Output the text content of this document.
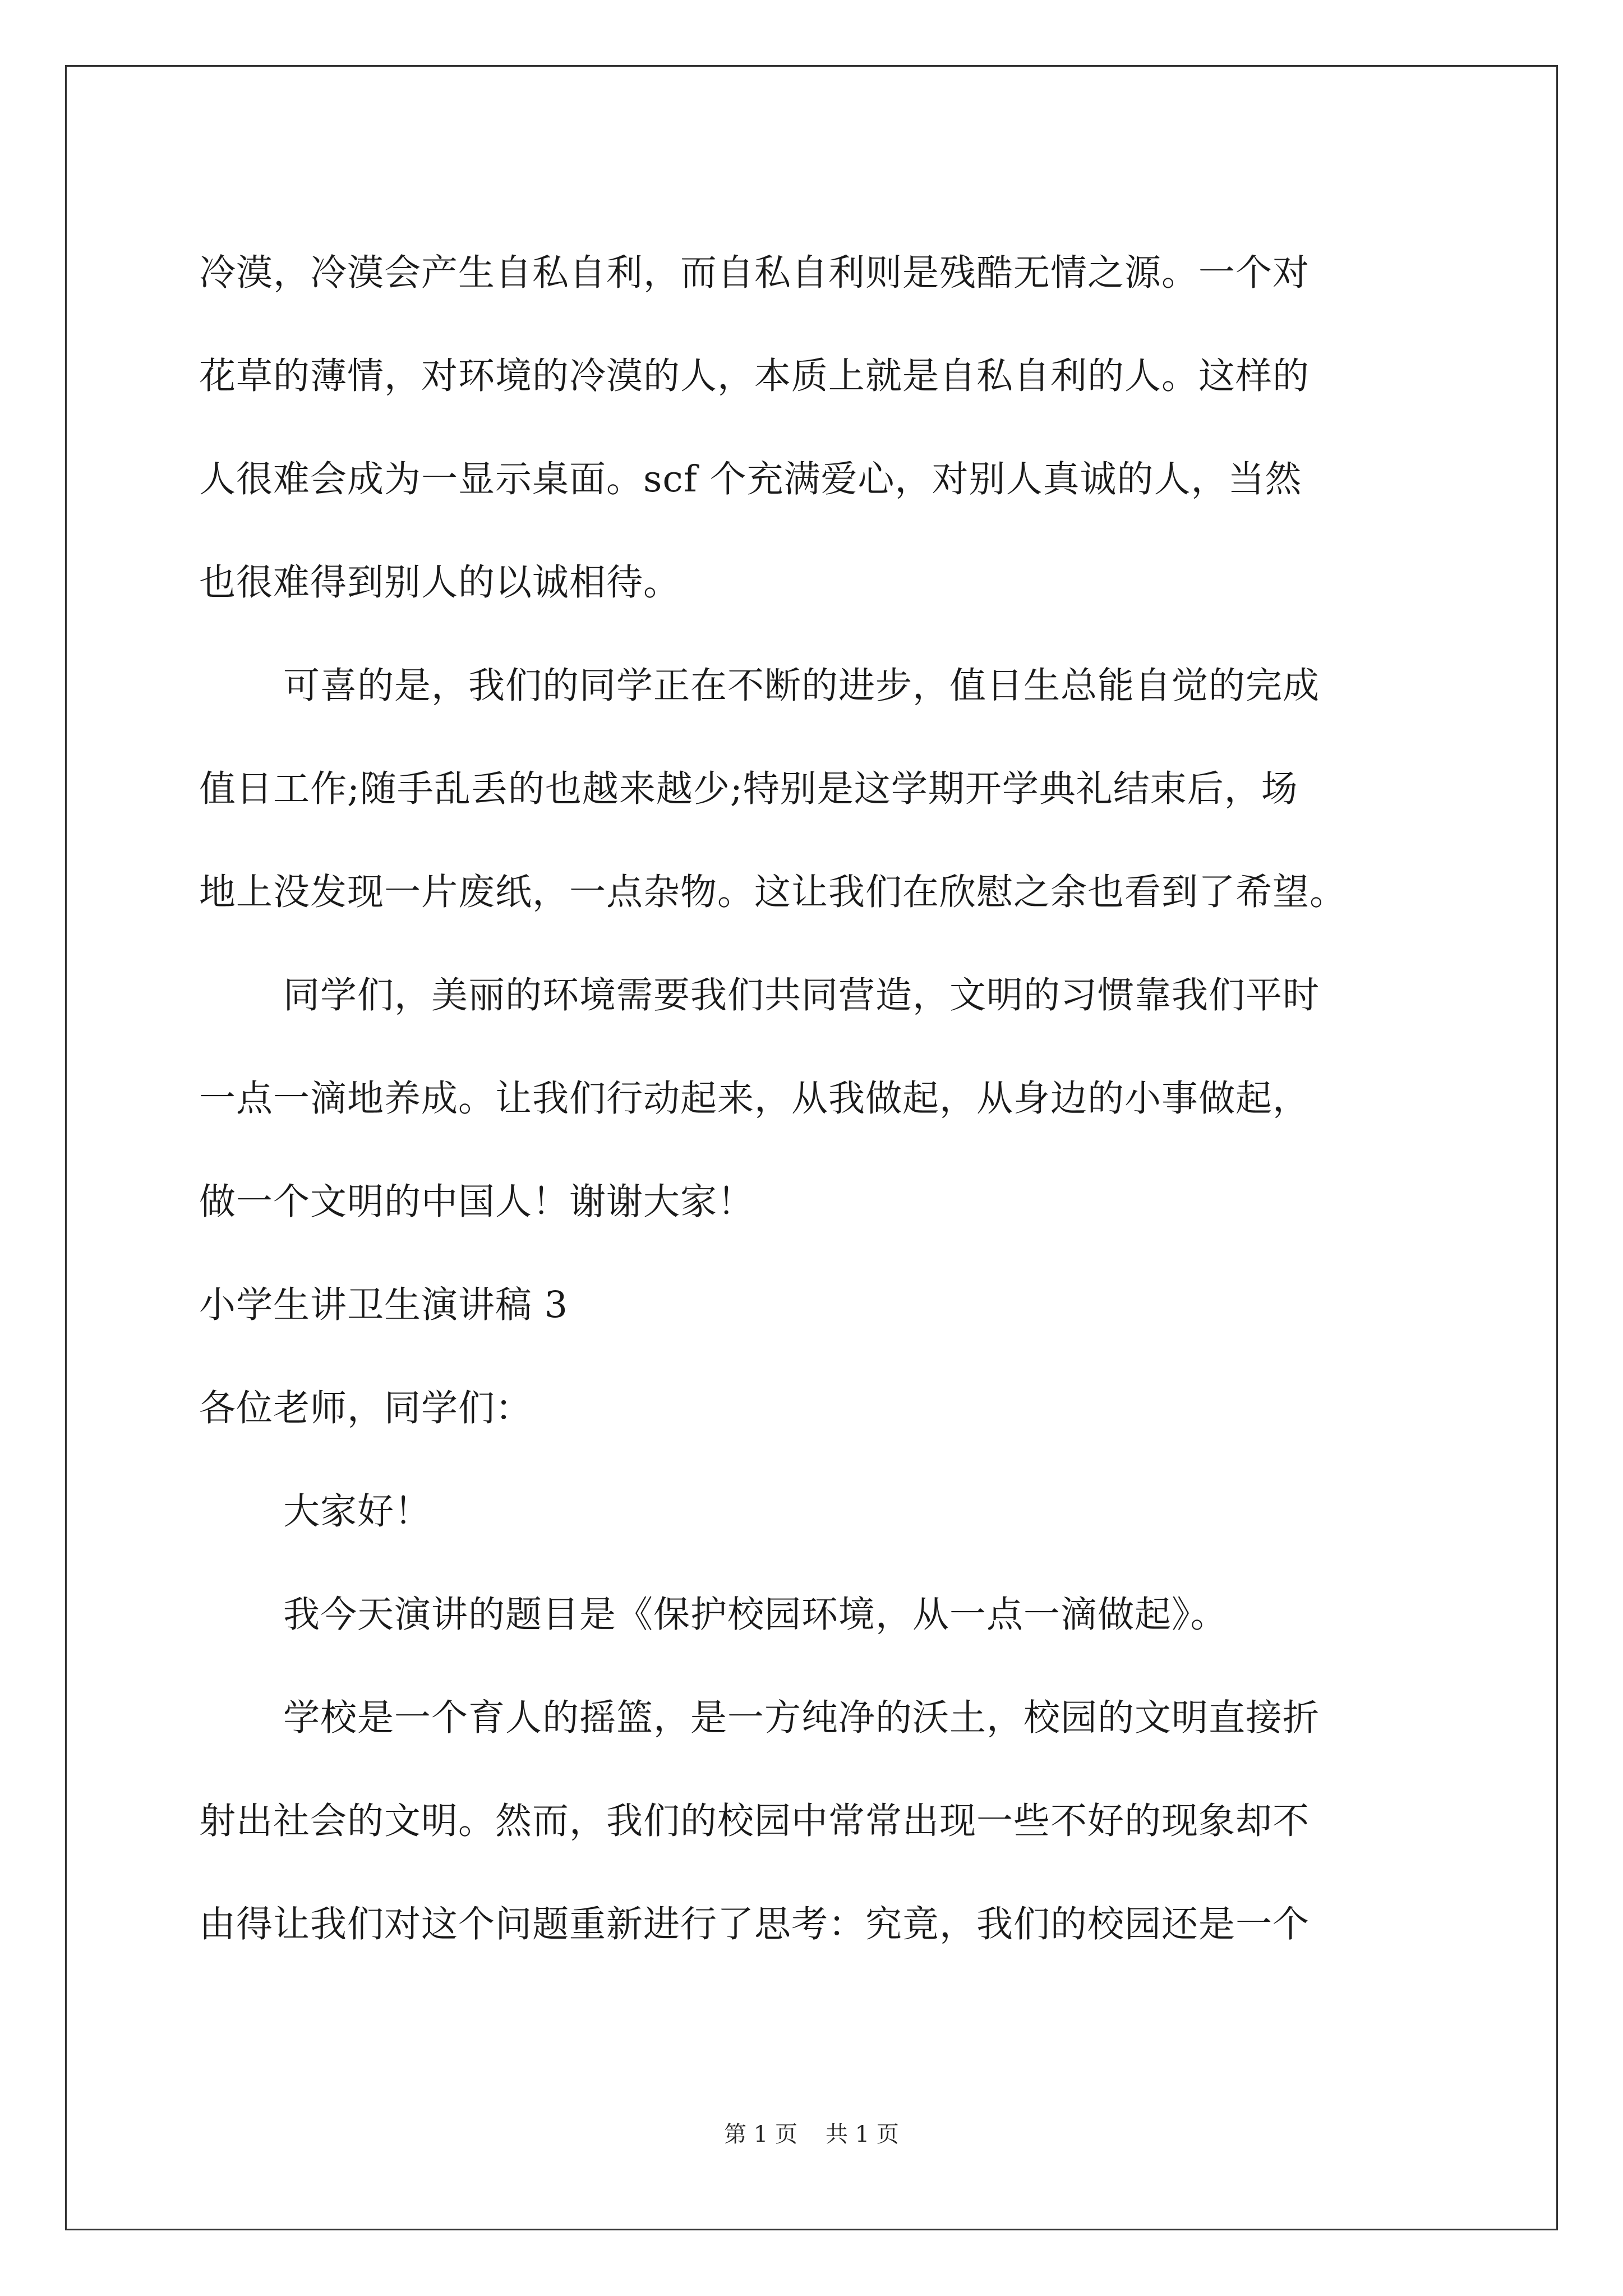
冷漠，冷漠会产生自私自利，而自私自利则是残酷无情之源。一个对
花草的薄情，对环境的冷漠的人，本质上就是自私自利的人。这样的
人很难会成为一显示桌面。scf 个充满爱心，对别人真诚的人，当然
也很难得到别人的以诚相待。
可喜的是，我们的同学正在不断的进步，值日生总能自觉的完成
值日工作;随手乱丢的也越来越少;特别是这学期开学典礼结束后，场
地上没发现一片废纸，一点杂物。这让我们在欣慰之余也看到了希望。
同学们，美丽的环境需要我们共同营造，文明的习惯靠我们平时
一点一滴地养成。让我们行动起来，从我做起，从身边的小事做起，
做一个文明的中国人！谢谢大家！
小学生讲卫生演讲稿 3
各位老师，同学们：
大家好！
我今天演讲的题目是《保护校园环境，从一点一滴做起》。
学校是一个育人的摇篮，是一方纯净的沃土，校园的文明直接折
射出社会的文明。然而，我们的校园中常常出现一些不好的现象却不
由得让我们对这个问题重新进行了思考：究竟，我们的校园还是一个
第 1 页 共 1 页
